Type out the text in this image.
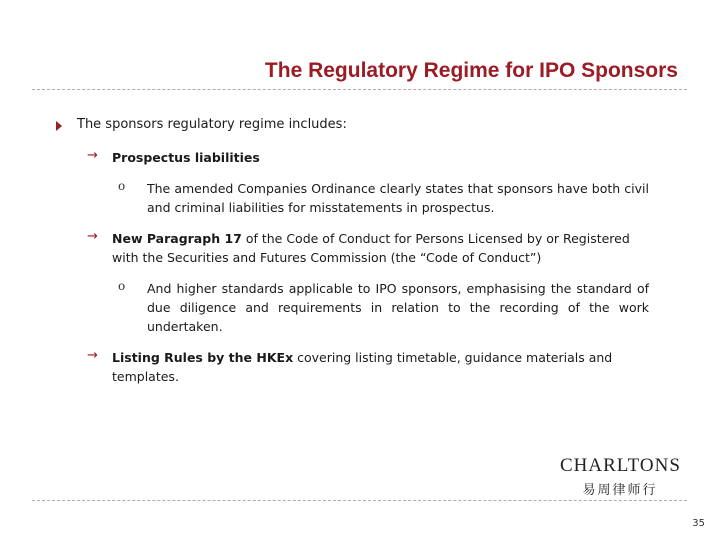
The Regulatory Regime for IPO Sponsors
The sponsors regulatory regime includes:
→ Prospectus liabilities
o The amended Companies Ordinance clearly states that sponsors have both civil and criminal liabilities for misstatements in prospectus.
→ New Paragraph 17 of the Code of Conduct for Persons Licensed by or Registered with the Securities and Futures Commission (the “Code of Conduct”)
o And higher standards applicable to IPO sponsors, emphasising the standard of due diligence and requirements in relation to the recording of the work undertaken.
→ Listing Rules by the HKEx covering listing timetable, guidance materials and templates.
CHARLTONS
易周律师行
35
